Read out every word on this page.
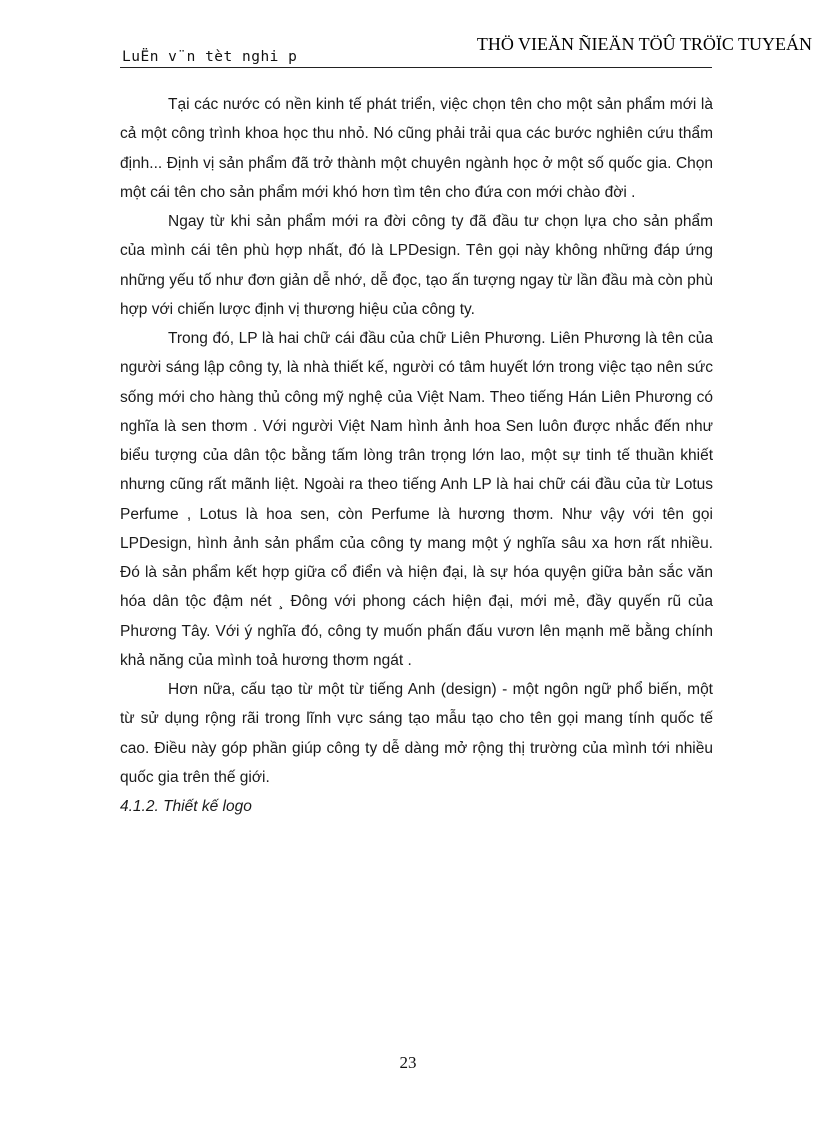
LuËn v¨n tèt nghi p
THÖ VIEÄN ÑIEÄN TÖÛ TRÖÏC TUYEÁN

Tại các nước có nền kinh tế phát triển, việc chọn tên cho một sản phẩm mới là cả một công trình khoa học thu nhỏ. Nó cũng phải trải qua các bước nghiên cứu thẩm định... Định vị sản phẩm đã trở thành một chuyên ngành học ở một số quốc gia. Chọn một cái tên cho sản phẩm mới khó hơn tìm tên cho đứa con mới chào đời .

Ngay từ khi sản phẩm mới ra đời công ty đã đầu tư chọn lựa cho sản phẩm của mình cái tên phù hợp nhất, đó là LPDesign. Tên gọi này không những đáp ứng những yếu tố như đơn giản dễ nhớ, dễ đọc, tạo ấn tượng ngay từ lần đầu mà còn phù hợp với chiến lược định vị thương hiệu của công ty.

Trong đó, LP là hai chữ cái đầu của chữ Liên Phương. Liên Phương là tên của người sáng lập công ty, là nhà thiết kế, người có tâm huyết lớn trong việc tạo nên sức sống mới cho hàng thủ công mỹ nghệ của Việt Nam. Theo tiếng Hán Liên Phương có nghĩa là sen thơm . Với người Việt Nam hình ảnh hoa Sen luôn được nhắc đến như biểu tượng của dân tộc bằng tấm lòng trân trọng lớn lao, một sự tinh tế thuần khiết nhưng cũng rất mãnh liệt. Ngoài ra theo tiếng Anh LP là hai chữ cái đầu của từ Lotus Perfume , Lotus là hoa sen, còn Perfume là hương thơm. Như vậy với tên gọi LPDesign, hình ảnh sản phẩm của công ty mang một ý nghĩa sâu xa hơn rất nhiều. Đó là sản phẩm kết hợp giữa cổ điển và hiện đại, là sự hóa quyện giữa bản sắc văn hóa dân tộc đậm nét ¸ Đông với phong cách hiện đại, mới mẻ, đầy quyến rũ của Phương Tây. Với ý nghĩa đó, công ty muốn phấn đấu vươn lên mạnh mẽ bằng chính khả năng của mình toả hương thơm ngát .

Hơn nữa, cấu tạo từ một từ tiếng Anh (design) - một ngôn ngữ phổ biến, một từ sử dụng rộng rãi trong lĩnh vực sáng tạo mẫu tạo cho tên gọi mang tính quốc tế cao. Điều này góp phần giúp công ty dễ dàng mở rộng thị trường của mình tới nhiều quốc gia trên thế giới.

4.1.2. Thiết kế logo

23
